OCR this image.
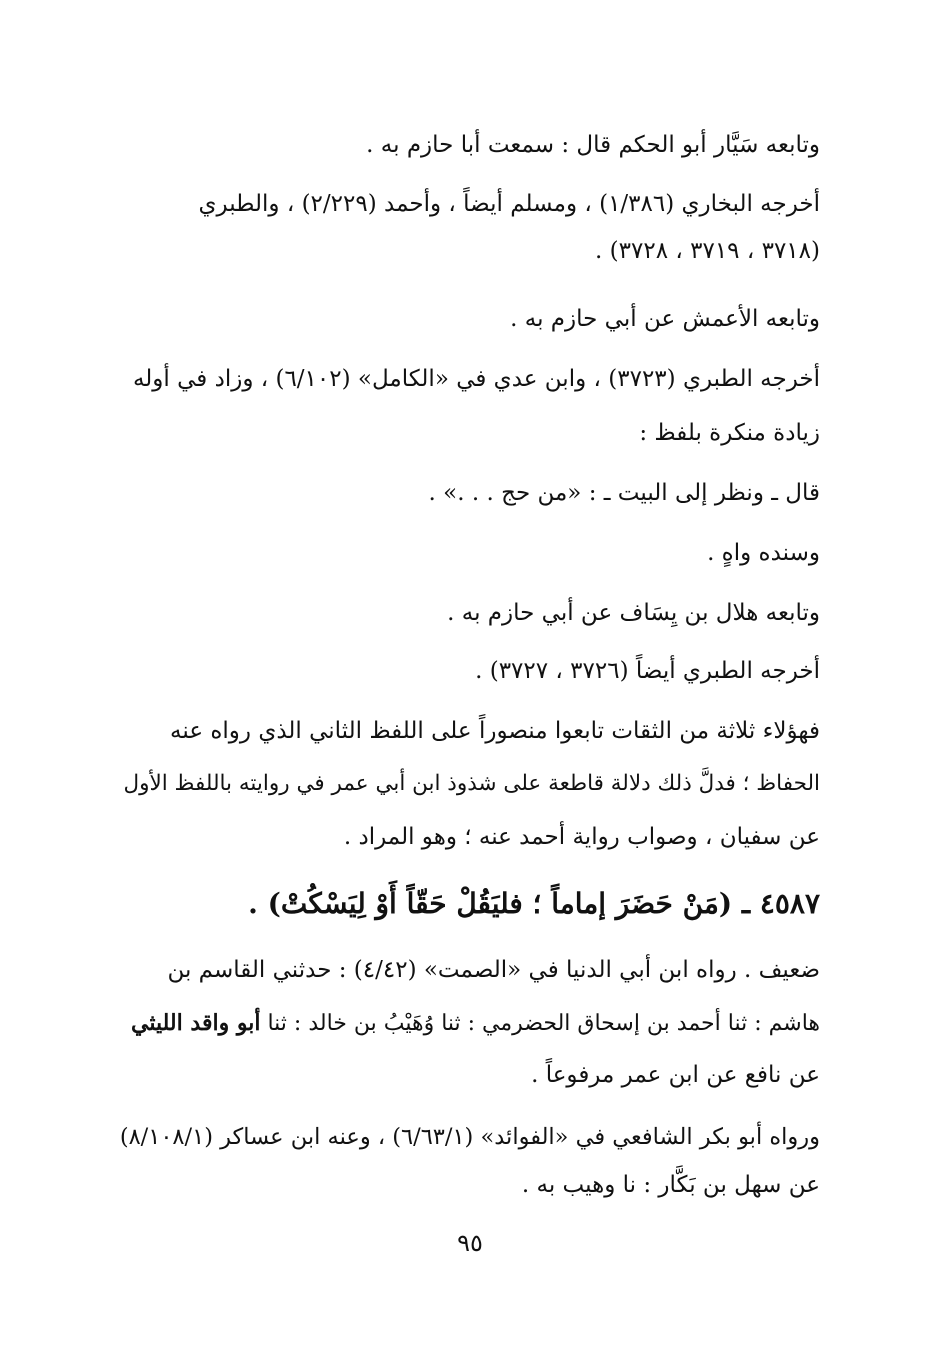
وتابعه سَيَّار أبو الحكم قال : سمعت أبا حازم به .
أخرجه البخاري (١/٣٨٦) ، ومسلم أيضاً ، وأحمد (٢/٢٢٩) ، والطبري
(٣٧١٨ ، ٣٧١٩ ، ٣٧٢٨) .
وتابعه الأعمش عن أبي حازم به .
أخرجه الطبري (٣٧٢٣) ، وابن عدي في «الكامل» (٦/١٠٢) ، وزاد في أوله
زيادة منكرة بلفظ :
قال ـ ونظر إلى البيت ـ : «من حج . . .» .
وسنده واهٍ .
وتابعه هلال بن يِسَاف عن أبي حازم به .
أخرجه الطبري أيضاً (٣٧٢٦ ، ٣٧٢٧) .
فهؤلاء ثلاثة من الثقات تابعوا منصوراً على اللفظ الثاني الذي رواه عنه
الحفاظ ؛ فدلَّ ذلك دلالة قاطعة على شذوذ ابن أبي عمر في روايته باللفظ الأول
عن سفيان ، وصواب رواية أحمد عنه ؛ وهو المراد .
٤٥٨٧ ـ (مَنْ حَضَرَ إماماً ؛ فليَقُلْ حَقّاً أَوْ لِيَسْكُتْ) .
ضعيف . رواه ابن أبي الدنيا في «الصمت» (٤/٤٢) : حدثني القاسم بن
هاشم : ثنا أحمد بن إسحاق الحضرمي : ثنا وُهَيْبُ بن خالد : ثنا أبو واقد الليثي
عن نافع عن ابن عمر مرفوعاً .
ورواه أبو بكر الشافعي في «الفوائد» (٦/٦٣/١) ، وعنه ابن عساكر (٨/١٠٨/١)
عن سهل بن بَكَّار : نا وهيب به .
٩٥
